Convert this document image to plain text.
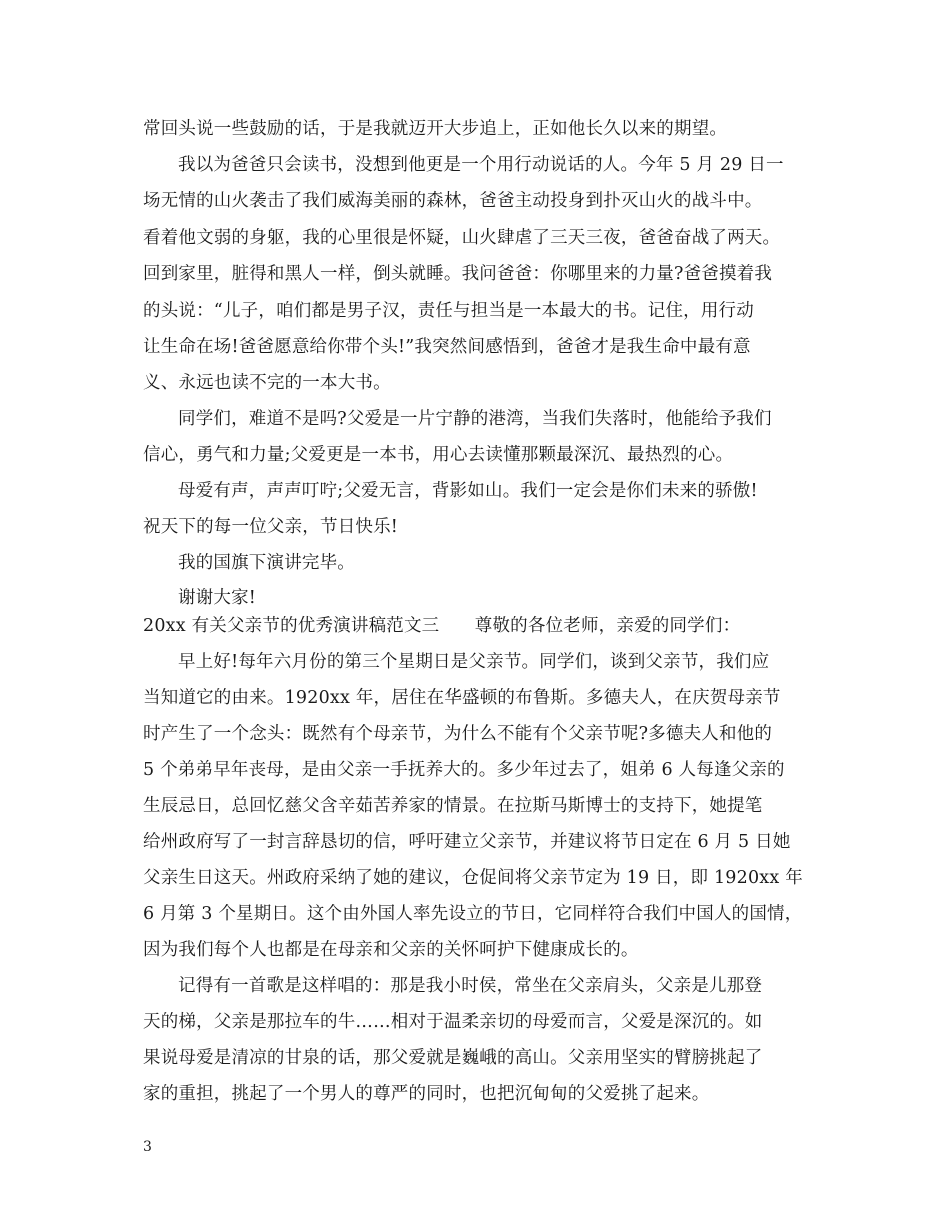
常回头说一些鼓励的话，于是我就迈开大步追上，正如他长久以来的期望。
我以为爸爸只会读书，没想到他更是一个用行动说话的人。今年 5 月 29 日一
场无情的山火袭击了我们威海美丽的森林，爸爸主动投身到扑灭山火的战斗中。
看着他文弱的身躯，我的心里很是怀疑，山火肆虐了三天三夜，爸爸奋战了两天。
回到家里，脏得和黑人一样，倒头就睡。我问爸爸：你哪里来的力量?爸爸摸着我
的头说：“儿子，咱们都是男子汉，责任与担当是一本最大的书。记住，用行动
让生命在场!爸爸愿意给你带个头!”我突然间感悟到，爸爸才是我生命中最有意
义、永远也读不完的一本大书。
同学们，难道不是吗?父爱是一片宁静的港湾，当我们失落时，他能给予我们
信心，勇气和力量;父爱更是一本书，用心去读懂那颗最深沉、最热烈的心。
母爱有声，声声叮咛;父爱无言，背影如山。我们一定会是你们未来的骄傲!
祝天下的每一位父亲，节日快乐!
我的国旗下演讲完毕。
谢谢大家!
20xx 有关父亲节的优秀演讲稿范文三　　尊敬的各位老师，亲爱的同学们：
早上好!每年六月份的第三个星期日是父亲节。同学们，谈到父亲节，我们应
当知道它的由来。1920xx 年，居住在华盛顿的布鲁斯。多德夫人，在庆贺母亲节
时产生了一个念头：既然有个母亲节，为什么不能有个父亲节呢?多德夫人和他的
5 个弟弟早年丧母，是由父亲一手抚养大的。多少年过去了，姐弟 6 人每逢父亲的
生辰忌日，总回忆慈父含辛茹苦养家的情景。在拉斯马斯博士的支持下，她提笔
给州政府写了一封言辞恳切的信，呼吁建立父亲节，并建议将节日定在 6 月 5 日她
父亲生日这天。州政府采纳了她的建议，仓促间将父亲节定为 19 日，即 1920xx 年
6 月第 3 个星期日。这个由外国人率先设立的节日，它同样符合我们中国人的国情，
因为我们每个人也都是在母亲和父亲的关怀呵护下健康成长的。
记得有一首歌是这样唱的：那是我小时侯，常坐在父亲肩头，父亲是儿那登
天的梯，父亲是那拉车的牛……相对于温柔亲切的母爱而言，父爱是深沉的。如
果说母爱是清凉的甘泉的话，那父爱就是巍峨的高山。父亲用坚实的臂膀挑起了
家的重担，挑起了一个男人的尊严的同时，也把沉甸甸的父爱挑了起来。
3
